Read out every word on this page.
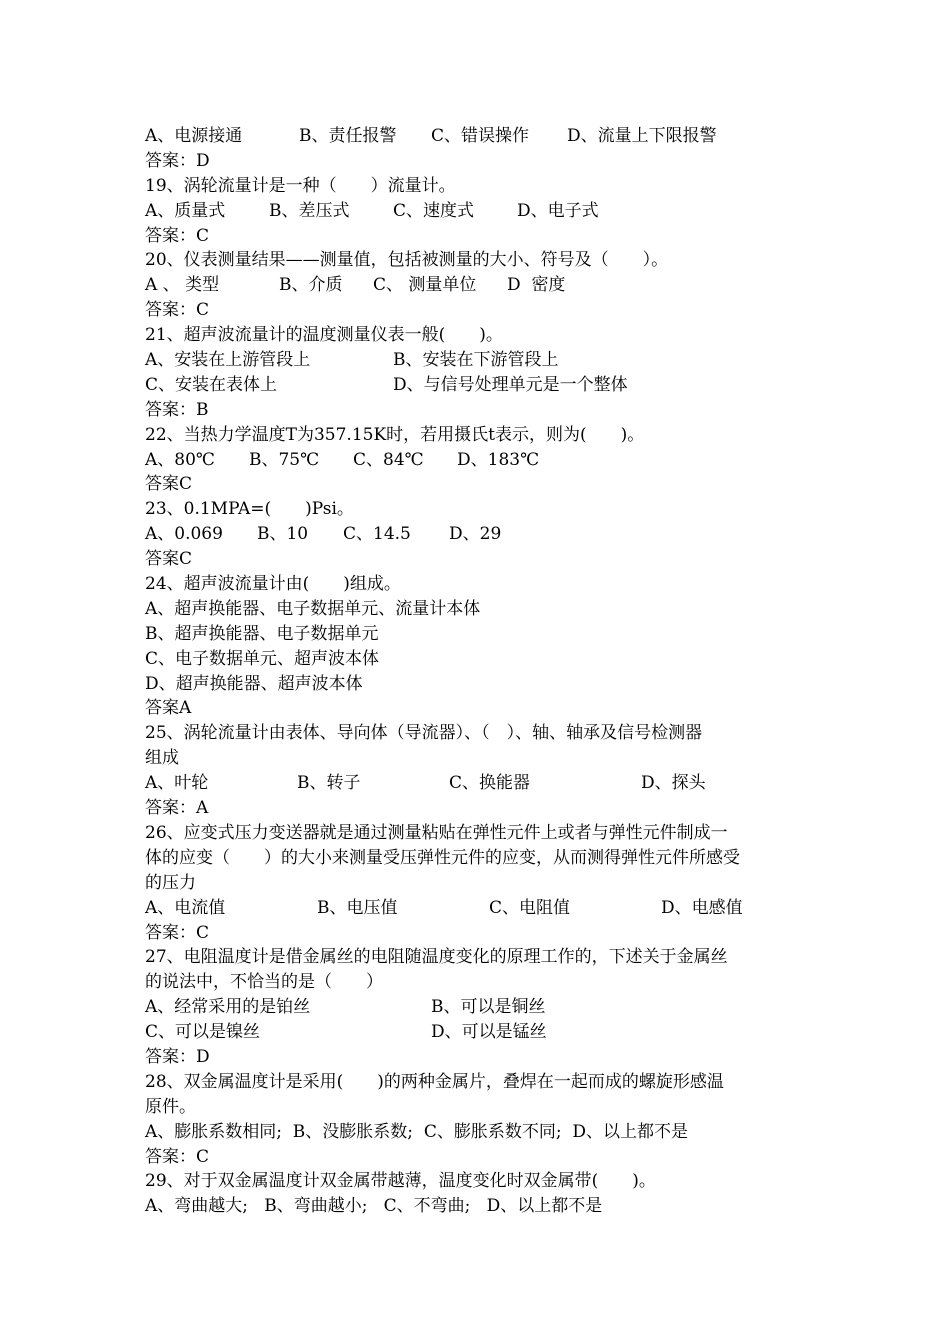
A、电源接通	B、责任报警	C、错误操作	D、流量上下限报警
答案：D
19、涡轮流量计是一种（　　）流量计。
A、质量式	B、差压式	C、速度式	D、电子式
答案：C
20、仪表测量结果——测量值，包括被测量的大小、符号及（　　）。
A 、 类型	B、介质	C、 测量单位	D  密度
答案：C
21、超声波流量计的温度测量仪表一般(　　)。
A、安装在上游管段上	B、安装在下游管段上
C、安装在表体上	D、与信号处理单元是一个整体
答案：B
22、当热力学温度T为357.15K时，若用摄氏t表示，则为(　　)。
A、80℃	B、75℃	C、84℃	D、183℃
答案C
23、0.1MPA=(　　)Psi。
A、0.069	B、10	C、14.5	D、29
答案C
24、超声波流量计由(　　)组成。
A、超声换能器、电子数据单元、流量计本体
B、超声换能器、电子数据单元
C、电子数据单元、超声波本体
D、超声换能器、超声波本体
答案A
25、涡轮流量计由表体、导向体（导流器）、（　）、轴、轴承及信号检测器
组成
A、叶轮	B、转子	C、换能器	D、探头
答案：A
26、应变式压力变送器就是通过测量粘贴在弹性元件上或者与弹性元件制成一
体的应变（　　）的大小来测量受压弹性元件的应变，从而测得弹性元件所感受
的压力
A、电流值	B、电压值	C、电阻值	D、电感值
答案：C
27、电阻温度计是借金属丝的电阻随温度变化的原理工作的，下述关于金属丝
的说法中，不恰当的是（　　）
A、经常采用的是铂丝	B、可以是铜丝
C、可以是镍丝	D、可以是锰丝
答案：D
28、双金属温度计是采用(　　)的两种金属片，叠焊在一起而成的螺旋形感温
原件。
A、膨胀系数相同;  B、没膨胀系数;  C、膨胀系数不同;  D、以上都不是
答案：C
29、对于双金属温度计双金属带越薄，温度变化时双金属带(　　)。
A、弯曲越大;   B、弯曲越小;   C、不弯曲;   D、以上都不是
